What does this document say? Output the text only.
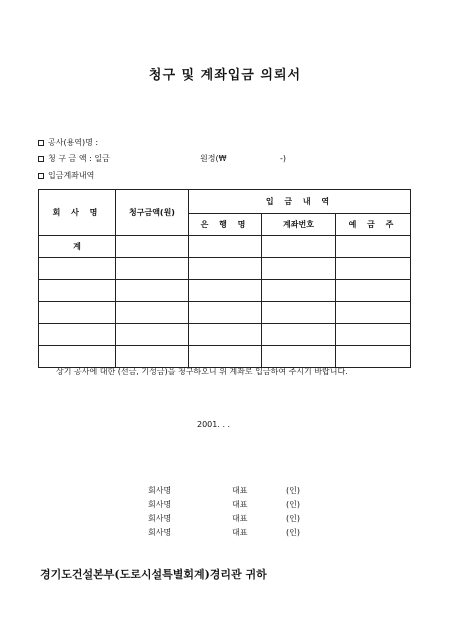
청구 및 계좌입금 의뢰서
공사(용역)명 :
청 구 금 액 : 일금	원정(₩	-)
입금계좌내역
회 사 명	청구금액(원)	입 금 내 역		
		은 행 명	계좌번호	예 금 주
계				

상기 공사에 대한 (선금, 기성금)을 청구하오니 위 계좌로 입금하여 주시기 바랍니다.
2001. . .
회사명	대표	(인)
회사명	대표	(인)
회사명	대표	(인)
회사명	대표	(인)
경기도건설본부(도로시설특별회계)경리관 귀하
